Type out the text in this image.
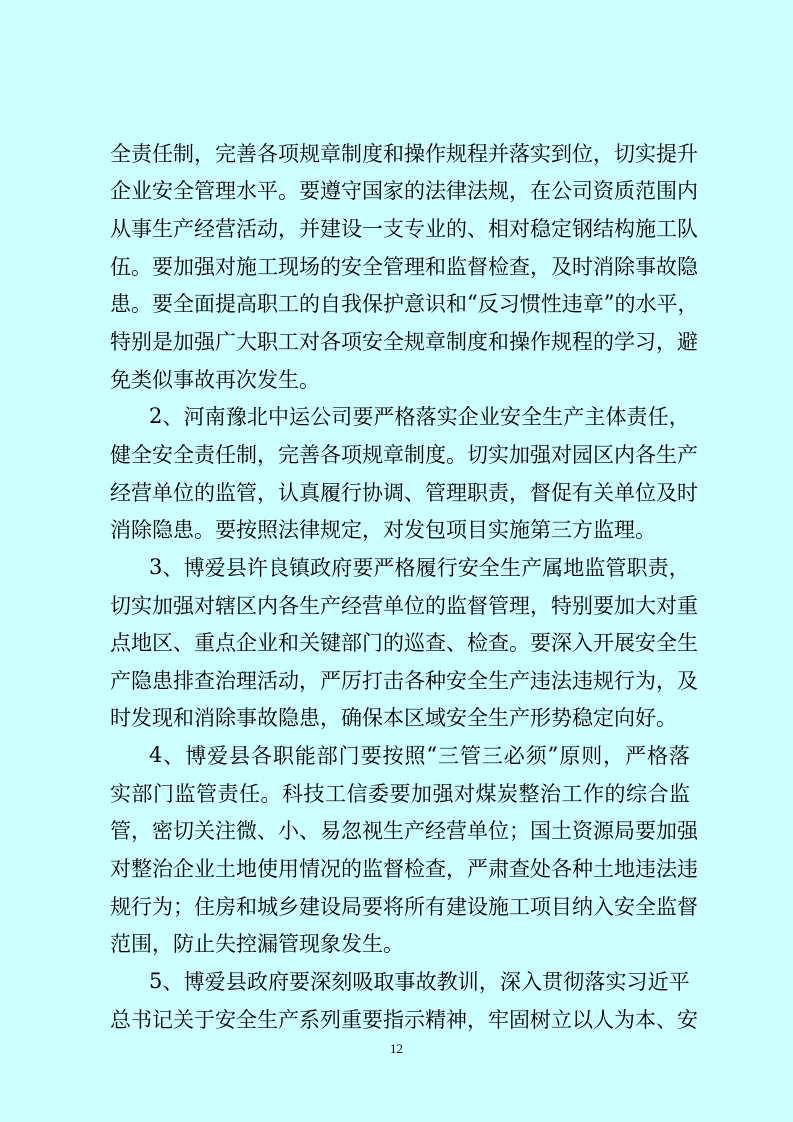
全 责 任 制 ， 完 善 各 项 规 章 制 度 和 操 作 规 程 并 落 实 到 位 ， 切 实 提 升
企 业 安 全 管 理 水 平 。 要 遵 守 国 家 的 法 律 法 规 ， 在 公 司 资 质 范 围 内
从 事 生 产 经 营 活 动 ， 并 建 设 一 支 专 业 的 、 相 对 稳 定 钢 结 构 施 工 队
伍 。 要 加 强 对 施 工 现 场 的 安 全 管 理 和 监 督 检 查 ， 及 时 消 除 事 故 隐
患 。 要 全 面 提 高 职 工 的 自 我 保 护 意 识 和 “ 反 习 惯 性 违 章 ” 的 水 平 ，
特 别 是 加 强 广 大 职 工 对 各 项 安 全 规 章 制 度 和 操 作 规 程 的 学 习 ， 避
免类似事故再次发生。
2 、 河 南 豫 北 中 运 公 司 要 严 格 落 实 企 业 安 全 生 产 主 体 责 任 ，
健 全 安 全 责 任 制 ， 完 善 各 项 规 章 制 度 。 切 实 加 强 对 园 区 内 各 生 产
经 营 单 位 的 监 管 ， 认 真 履 行 协 调 、 管 理 职 责 ， 督 促 有 关 单 位 及 时
消除隐患。要按照法律规定，对发包项目实施第三方监理。
3 、 博 爱 县 许 良 镇 政 府 要 严 格 履 行 安 全 生 产 属 地 监 管 职 责 ，
切 实 加 强 对 辖 区 内 各 生 产 经 营 单 位 的 监 督 管 理 ， 特 别 要 加 大 对 重
点 地 区 、 重 点 企 业 和 关 键 部 门 的 巡 查 、 检 查 。 要 深 入 开 展 安 全 生
产 隐 患 排 查 治 理 活 动 ， 严 厉 打 击 各 种 安 全 生 产 违 法 违 规 行 为 ， 及
时发现和消除事故隐患，确保本区域安全生产形势稳定向好。
4 、 博 爱 县 各 职 能 部 门 要 按 照 “ 三 管 三 必 须 ” 原 则 ， 严 格 落
实 部 门 监 管 责 任 。 科 技 工 信 委 要 加 强 对 煤 炭 整 治 工 作 的 综 合 监
管 ， 密 切 关 注 微 、 小 、 易 忽 视 生 产 经 营 单 位 ； 国 土 资 源 局 要 加 强
对 整 治 企 业 土 地 使 用 情 况 的 监 督 检 查 ， 严 肃 查 处 各 种 土 地 违 法 违
规 行 为 ； 住 房 和 城 乡 建 设 局 要 将 所 有 建 设 施 工 项 目 纳 入 安 全 监 督
范围，防止失控漏管现象发生。
5 、 博 爱 县 政 府 要 深 刻 吸 取 事 故 教 训 ， 深 入 贯 彻 落 实 习 近 平
总 书 记 关 于 安 全 生 产 系 列 重 要 指 示 精 神 ， 牢 固 树 立 以 人 为 本 、 安
12
